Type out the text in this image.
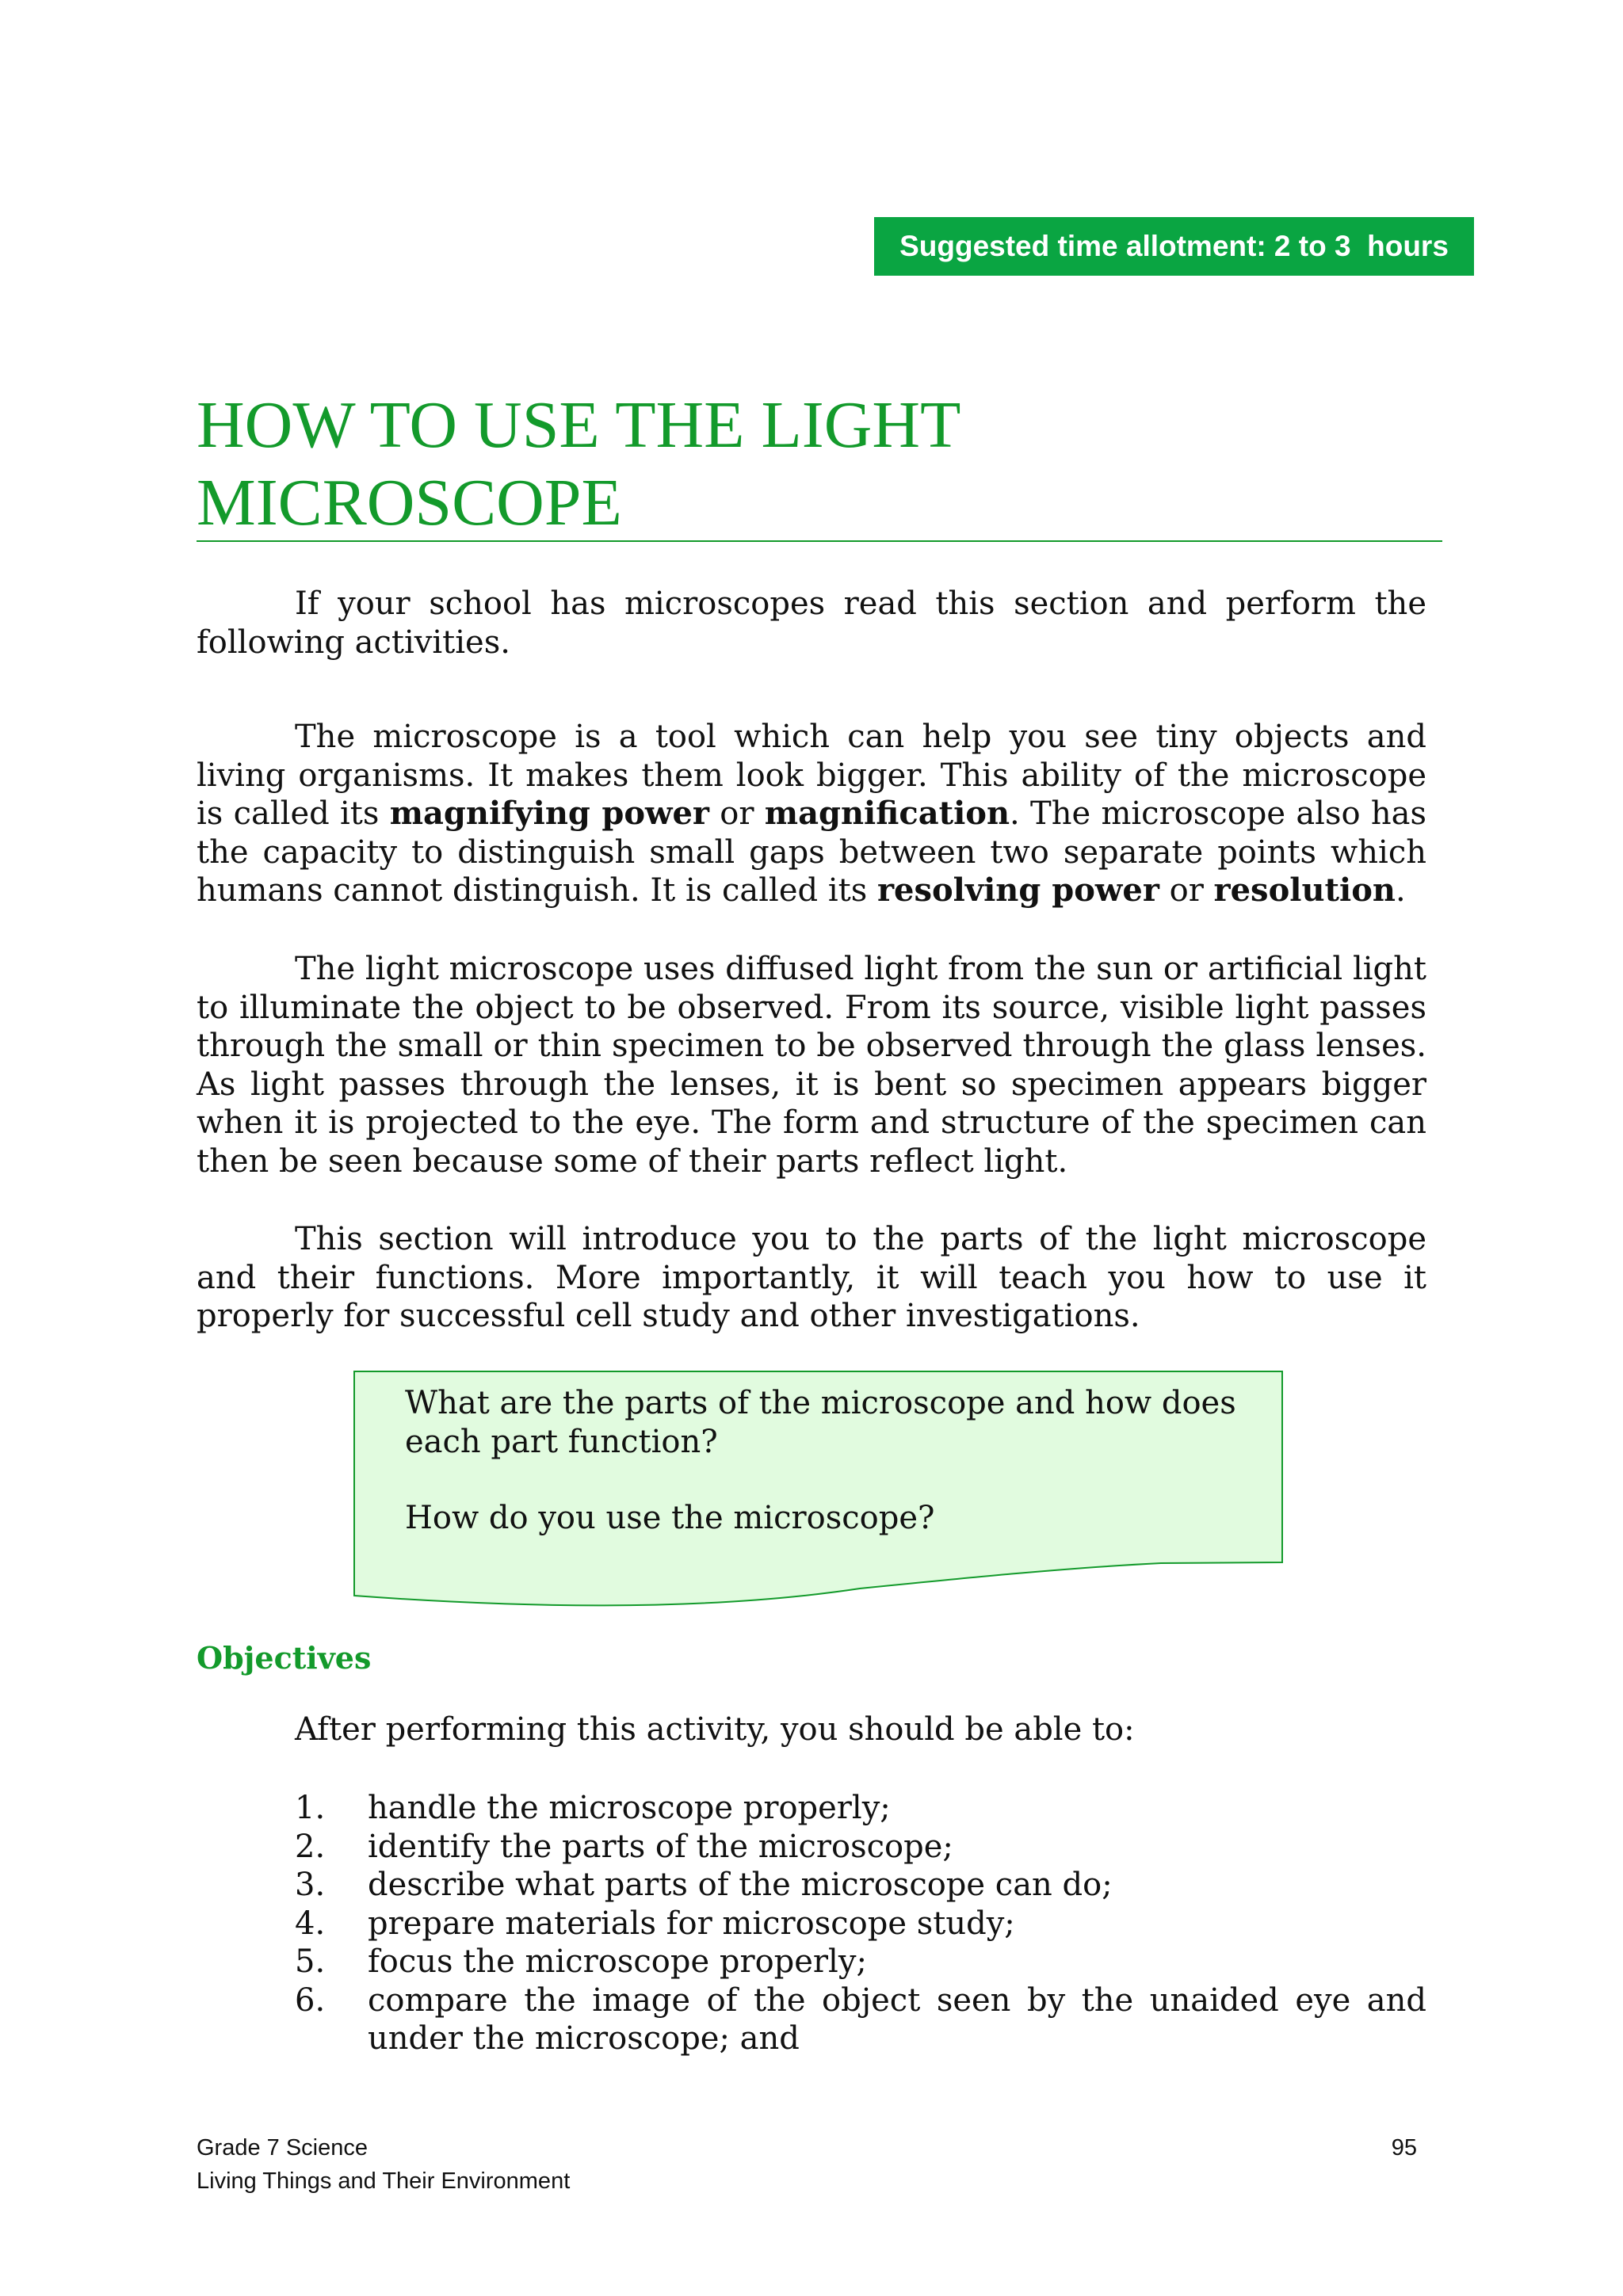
Suggested time allotment: 2 to 3  hours
HOW TO USE THE LIGHT
MICROSCOPE

If your school has microscopes read this section and perform the following activities.

The microscope is a tool which can help you see tiny objects and living organisms. It makes them look bigger. This ability of the microscope is called its magnifying power or magnification. The microscope also has the capacity to distinguish small gaps between two separate points which humans cannot distinguish. It is called its resolving power or resolution.

The light microscope uses diffused light from the sun or artificial light to illuminate the object to be observed. From its source, visible light passes through the small or thin specimen to be observed through the glass lenses. As light passes through the lenses, it is bent so specimen appears bigger when it is projected to the eye. The form and structure of the specimen can then be seen because some of their parts reflect light.

This section will introduce you to the parts of the light microscope and their functions. More importantly, it will teach you how to use it properly for successful cell study and other investigations.

What are the parts of the microscope and how does each part function?

How do you use the microscope?

Objectives

After performing this activity, you should be able to:

1. handle the microscope properly;
2. identify the parts of the microscope;
3. describe what parts of the microscope can do;
4. prepare materials for microscope study;
5. focus the microscope properly;
6. compare the image of the object seen by the unaided eye and under the microscope; and
Grade 7 Science
Living Things and Their Environment
95
